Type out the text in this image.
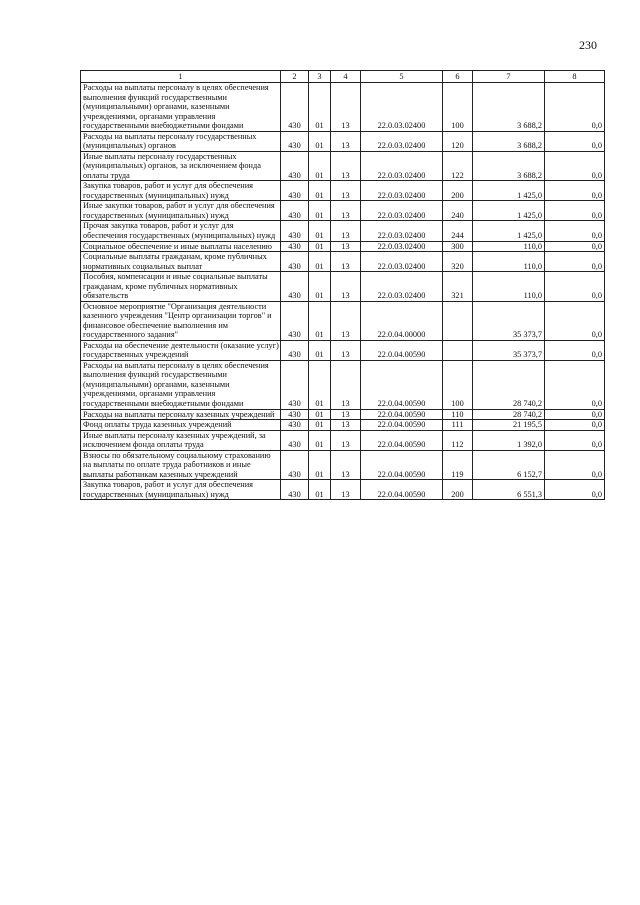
230
1	2	3	4	5	6	7	8
Расходы на выплаты персоналу в целях обеспечения выполнения функций государственными (муниципальными) органами, казенными учреждениями, органами управления государственными внебюджетными фондами	430	01	13	22.0.03.02400	100	3 688,2	0,0
Расходы на выплаты персоналу государственных (муниципальных) органов	430	01	13	22.0.03.02400	120	3 688,2	0,0
Иные выплаты персоналу государственных (муниципальных) органов, за исключением фонда оплаты труда	430	01	13	22.0.03.02400	122	3 688,2	0,0
Закупка товаров, работ и услуг для обеспечения государственных (муниципальных) нужд	430	01	13	22.0.03.02400	200	1 425,0	0,0
Иные закупки товаров, работ и услуг для обеспечения государственных (муниципальных) нужд	430	01	13	22.0.03.02400	240	1 425,0	0,0
Прочая закупка товаров, работ и услуг для обеспечения государственных (муниципальных) нужд	430	01	13	22.0.03.02400	244	1 425,0	0,0
Социальное обеспечение и иные выплаты населению	430	01	13	22.0.03.02400	300	110,0	0,0
Социальные выплаты гражданам, кроме публичных нормативных социальных выплат	430	01	13	22.0.03.02400	320	110,0	0,0
Пособия, компенсации и иные социальные выплаты гражданам, кроме публичных нормативных обязательств	430	01	13	22.0.03.02400	321	110,0	0,0
Основное мероприятие "Организация деятельности казенного учреждения "Центр организации торгов" и финансовое обеспечение выполнения им государственного задания"	430	01	13	22.0.04.00000		35 373,7	0,0
Расходы на обеспечение деятельности (оказание услуг) государственных учреждений	430	01	13	22.0.04.00590		35 373,7	0,0
Расходы на выплаты персоналу в целях обеспечения выполнения функций государственными (муниципальными) органами, казенными учреждениями, органами управления государственными внебюджетными фондами	430	01	13	22.0.04.00590	100	28 740,2	0,0
Расходы на выплаты персоналу казенных учреждений	430	01	13	22.0.04.00590	110	28 740,2	0,0
Фонд оплаты труда казенных учреждений	430	01	13	22.0.04.00590	111	21 195,5	0,0
Иные выплаты персоналу казенных учреждений, за исключением фонда оплаты труда	430	01	13	22.0.04.00590	112	1 392,0	0,0
Взносы по обязательному социальному страхованию на выплаты по оплате труда работников и иные выплаты работникам казенных учреждений	430	01	13	22.0.04.00590	119	6 152,7	0,0
Закупка товаров, работ и услуг для обеспечения государственных (муниципальных) нужд	430	01	13	22.0.04.00590	200	6 551,3	0,0
